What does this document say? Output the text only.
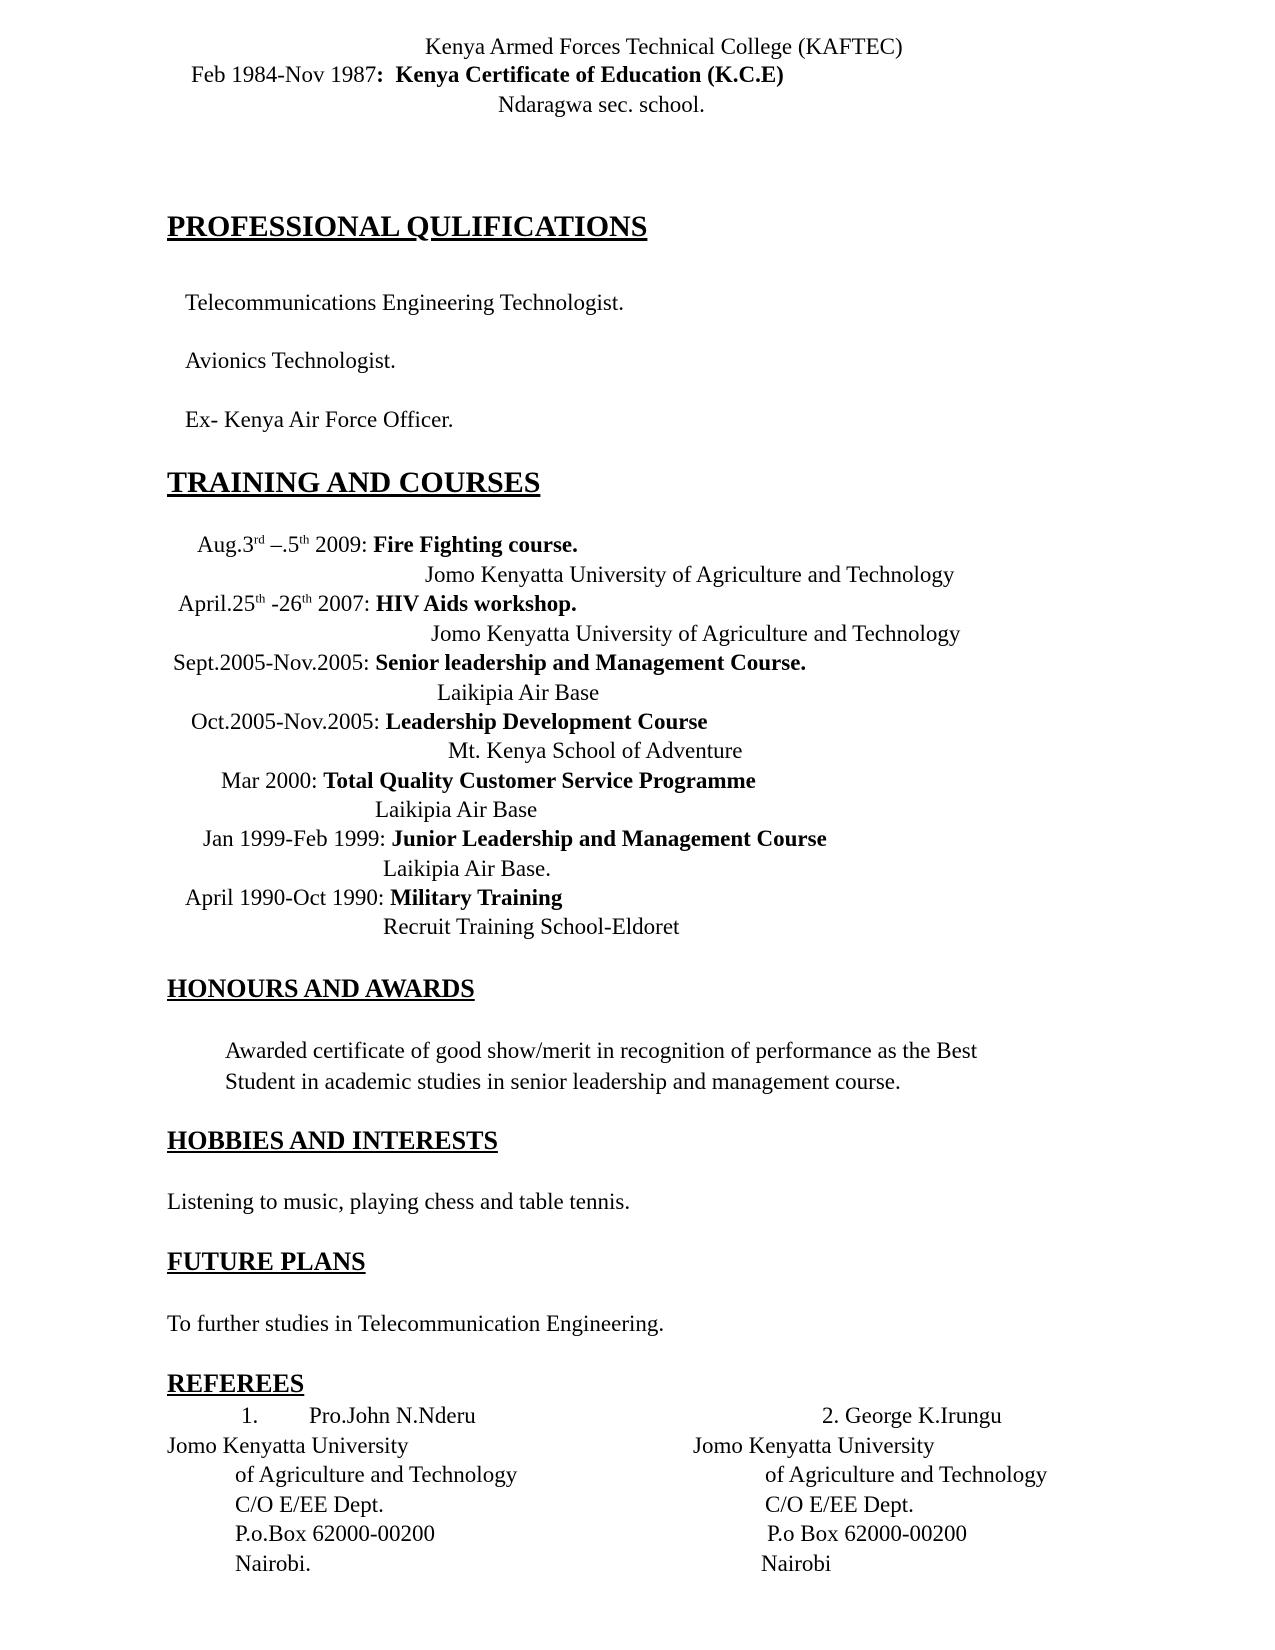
Kenya Armed Forces Technical College (KAFTEC)
Feb 1984-Nov 1987: Kenya Certificate of Education (K.C.E)
Ndaragwa sec. school.
PROFESSIONAL QULIFICATIONS
Telecommunications Engineering Technologist.
Avionics Technologist.
Ex- Kenya Air Force Officer.
TRAINING AND COURSES
Aug.3rd –.5th 2009: Fire Fighting course.
Jomo Kenyatta University of Agriculture and Technology
April.25th -26th 2007: HIV Aids workshop.
Jomo Kenyatta University of Agriculture and Technology
Sept.2005-Nov.2005: Senior leadership and Management Course.
Laikipia Air Base
Oct.2005-Nov.2005: Leadership Development Course
Mt. Kenya School of Adventure
Mar 2000: Total Quality Customer Service Programme
Laikipia Air Base
Jan 1999-Feb 1999: Junior Leadership and Management Course
Laikipia Air Base.
April 1990-Oct 1990: Military Training
Recruit Training School-Eldoret
HONOURS AND AWARDS
Awarded certificate of good show/merit in recognition of performance as the Best
Student in academic studies in senior leadership and management course.
HOBBIES AND INTERESTS
Listening to music, playing chess and table tennis.
FUTURE PLANS
To further studies in Telecommunication Engineering.
REFEREES
1. Pro.John N.Nderu
Jomo Kenyatta University
of Agriculture and Technology
C/O E/EE Dept.
P.o.Box 62000-00200
Nairobi.
2. George K.Irungu
Jomo Kenyatta University
of Agriculture and Technology
C/O E/EE Dept.
P.o Box 62000-00200
Nairobi
